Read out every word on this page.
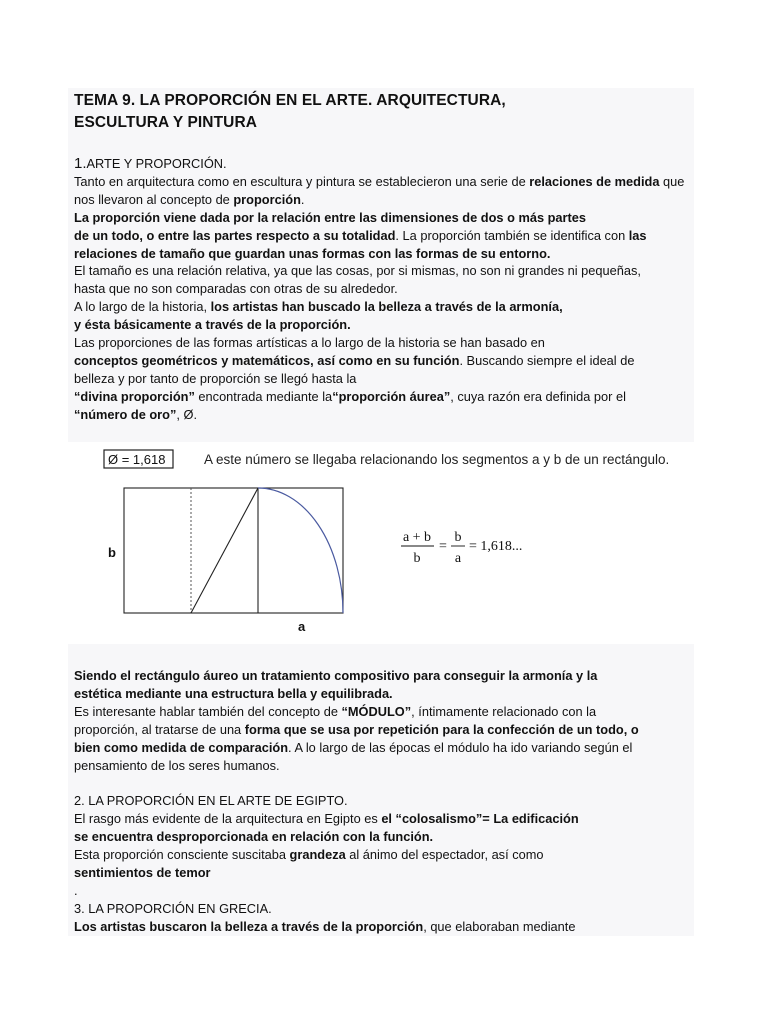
TEMA 9. LA PROPORCIÓN EN EL ARTE. ARQUITECTURA,
ESCULTURA Y PINTURA

1.ARTE Y PROPORCIÓN.

Tanto en arquitectura como en escultura y pintura se establecieron una serie de relaciones de medida que nos llevaron al concepto de proporción.

La proporción viene dada por la relación entre las dimensiones de dos o más partes
de un todo, o entre las partes respecto a su totalidad. La proporción también se identifica con las relaciones de tamaño que guardan unas formas con las formas de su entorno.

El tamaño es una relación relativa, ya que las cosas, por si mismas, no son ni grandes ni pequeñas,
hasta que no son comparadas con otras de su alrededor.

A lo largo de la historia, los artistas han buscado la belleza a través de la armonía,
y ésta básicamente a través de la proporción.

Las proporciones de las formas artísticas a lo largo de la historia se han basado en
conceptos geométricos y matemáticos, así como en su función. Buscando siempre el ideal de
belleza y por tanto de proporción se llegó hasta la
“divina proporción” encontrada mediante la“proporción áurea”, cuya razón era definida por el
“número de oro”, Ø.

Ø = 1,618	A este número se llegaba relacionando los segmentos a y b de un rectángulo.
b
a
a + b
b
=
b
a
= 1,618...

Siendo el rectángulo áureo un tratamiento compositivo para conseguir la armonía y la
estética mediante una estructura bella y equilibrada.

Es interesante hablar también del concepto de “MÓDULO”, íntimamente relacionado con la
proporción, al tratarse de una forma que se usa por repetición para la confección de un todo, o
bien como medida de comparación. A lo largo de las épocas el módulo ha ido variando según el
pensamiento de los seres humanos.

2. LA PROPORCIÓN EN EL ARTE DE EGIPTO.

El rasgo más evidente de la arquitectura en Egipto es el “colosalismo”= La edificación
se encuentra desproporcionada en relación con la función.
Esta proporción consciente suscitaba grandeza al ánimo del espectador, así como
sentimientos de temor

.

3. LA PROPORCIÓN EN GRECIA.

Los artistas buscaron la belleza a través de la proporción, que elaboraban mediante
